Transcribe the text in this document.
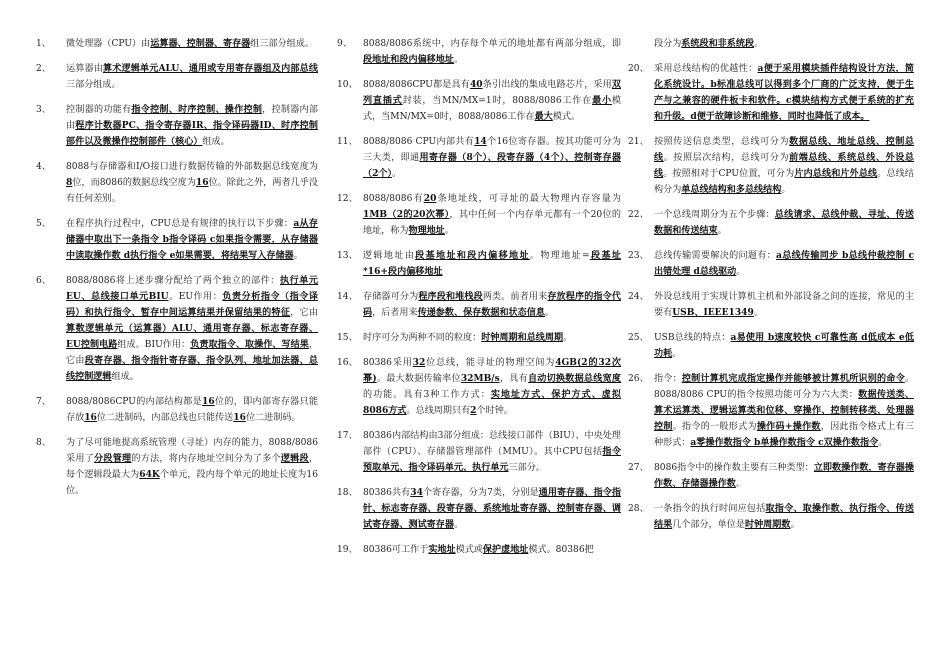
1、	微处理器（CPU）由运算器、控制器、寄存器组三部分组成。
2、	运算器由算术逻辑单元ALU、通用或专用寄存器组及内部总线三部分组成。
3、	控制器的功能有指令控制、时序控制、操作控制，控制器内部由程序计数器PC、指令寄存器IR、指令译码器ID、时序控制部件以及微操作控制部件（核心）组成。
4、	8088与存储器和I/O接口进行数据传输的外部数据总线宽度为8位，而8086的数据总线空度为16位。除此之外，两者几乎没有任何差别。
5、	在程序执行过程中，CPU总是有规律的执行以下步骤：a从存储器中取出下一条指令 b指令译码 c如果指令需要，从存储器中读取操作数 d执行指令 e如果需要，将结果写入存储器。
6、	8088/8086将上述步骤分配给了两个独立的部件：执行单元EU、总线接口单元BIU。EU作用：负责分析指令（指令译码）和执行指令、暂存中间运算结果并保留结果的特征，它由算数逻辑单元（运算器）ALU、通用寄存器、标志寄存器、EU控制电路组成。BIU作用：负责取指令、取操作、写结果，它由段寄存器、指令指针寄存器、指令队列、地址加法器、总线控制逻辑组成。
7、	8088/8086CPU的内部结构都是16位的，即内部寄存器只能存放16位二进制码，内部总线也只能传送16位二进制码。
8、	为了尽可能地提高系统管理（寻址）内存的能力，8088/8086采用了分段管理的方法，将内存地址空间分为了多个逻辑段，每个逻辑段最大为64K个单元，段内每个单元的地址长度为16位。
9、	8088/8086系统中，内存每个单元的地址都有两部分组成，即段地址和段内偏移地址。
10、 8088/8086CPU都是具有40条引出线的集成电路芯片，采用双列直插式封装，当MN/MX=1时，8088/8086工作在最小模式，当MN/MX=0时，8088/8086工作在最大模式。
11、 8088/8086 CPU内部共有14个16位寄存器。按其功能可分为三大类，即通用寄存器（8个）、段寄存器（4个）、控制寄存器（2个）。
12、 8088/8086有20条地址线，可寻址的最大物理内存容量为1MB（2的20次幂），其中任何一个内存单元都有一个20位的地址，称为物理地址。
13、 逻辑地址由段基地址和段内偏移地址。物理地址=段基址*16+段内偏移地址
14、 存储器可分为程序段和堆栈段两类。前者用来存放程序的指令代码，后者用来传递参数、保存数据和状态信息。
15、 时序可分为两种不同的粒度：时钟周期和总线周期。
16、 80386采用32位总线，能寻址的物理空间为4GB(2的32次幂)。最大数据传输率位32MB/s，具有自动切换数据总线宽度的功能。具有3种工作方式：实地址方式、保护方式、虚拟8086方式。总线周期只有2个时钟。
17、 80386内部结构由3部分组成：总线接口部件（BIU）、中央处理部件（CPU）、存储器管理部件（MMU）。其中CPU包括指令预取单元、指令译码单元、执行单元三部分。
18、 80386共有34个寄存器，分为7类，分别是通用寄存器、指令指针、标志寄存器、段寄存器、系统地址寄存器、控制寄存器、调试寄存器、测试寄存器。
19、 80386可工作于实地址模式或保护虚地址模式。80386把
段分为系统段和非系统段。
20、 采用总线结构的优越性：a便于采用模块插件结构设计方法，简化系统设计。b标准总线可以得到多个厂商的广泛支持，便于生产与之兼容的硬件板卡和软件。c模块结构方式便于系统的扩充和升级。d便于故障诊断和维修，同时也降低了成本。
21、 按照传送信息类型，总线可分为数据总线、地址总线、控制总线。按照层次结构，总线可分为前端总线、系统总线、外设总线。按照相对于CPU位置，可分为片内总线和片外总线。总线结构分为单总线结构和多总线结构。
22、 一个总线周期分为五个步骤：总线请求、总线仲裁、寻址、传送数据和传送结束。
23、 总线传输需要解决的问题有：a总线传输同步 b总线仲裁控制 c出错处理 d总线驱动。
24、 外设总线用于实现计算机主机和外部设备之间的连接，常见的主要有USB、IEEE1349。
25、 USB总线的特点：a易使用 b速度较快 c可靠性高 d低成本 e低功耗。
26、 指令：控制计算机完成指定操作并能够被计算机所识别的命令。8088/8086 CPU的指令按照功能可分为六大类：数据传送类、算术运算类、逻辑运算类和位移、穿操作、控制转移类、处理器控制。指令的一般形式为操作码+操作数，因此指令格式上有三种形式：a零操作数指令 b单操作数指令 c双操作数指令。
27、 8086指令中的操作数主要有三种类型：立即数操作数，寄存器操作数、存储器操作数。
28、 一条指令的执行时间应包括取指令、取操作数、执行指令、传送结果几个部分，单位是时钟周期数。
